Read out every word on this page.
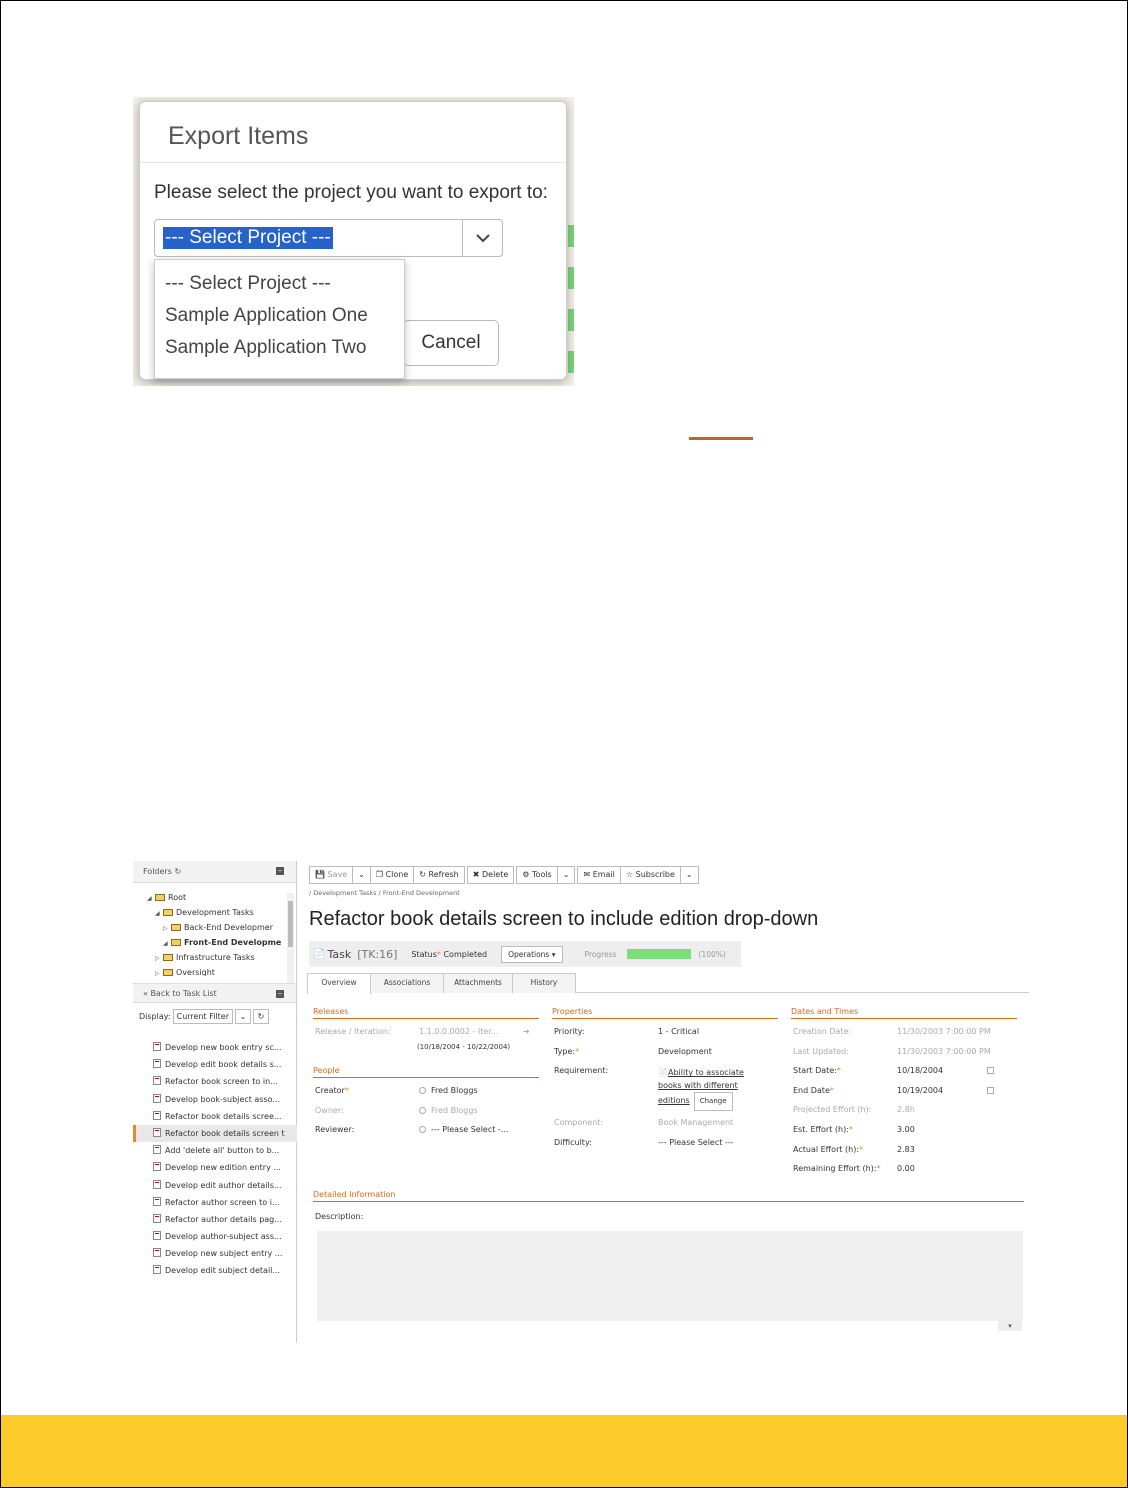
Export Items
Please select the project you want to export to:
--- Select Project ---
--- Select Project ---
Sample Application One
Sample Application Two	Cancel
Folders ↻	–
◢ Root
◢ Development Tasks
▷ Back-End Developmer
◢ Front-End Developme
▷ Infrastructure Tasks
▷ Oversight
« Back to Task List	–
Display: Current Filter	⌄	↻
Develop new book entry sc...
Develop edit book details s...
Refactor book screen to in...
Develop book-subject asso...
Refactor book details scree...
Refactor book details screen t
Add 'delete all' button to b...
Develop new edition entry ...
Develop edit author details...
Refactor author screen to i...
Refactor author details pag...
Develop author-subject ass...
Develop new subject entry ...
Develop edit subject detail...
💾 Save	⌄	❐ Clone	↻ Refresh	✖ Delete	⚙ Tools	⌄	✉ Email	☆ Subscribe	⌄
/ Development Tasks / Front-End Development
Refactor book details screen to include edition drop-down
📄 Task [TK:16] Status *
Completed	Operations ▾	Progress	(100%)
Overview	Associations	Attachments	History
Releases
Release / Iteration:	1.1.0.0.0002 - Iter...	➜
(10/18/2004 - 10/22/2004)
People
Creator*	Fred Bloggs
Owner:	Fred Bloggs
Reviewer:	--- Please Select -...
Properties
Priority:	1 - Critical
Type:*	Development
Requirement:	📄Ability to associate
books with different
editions Change
Component:	Book Management
Difficulty:	--- Please Select ---
Dates and Times
Creation Date:	11/30/2003 7:00:00 PM
Last Updated:	11/30/2003 7:00:00 PM
Start Date:*	10/18/2004
End Date*	10/19/2004
Projected Effort (h):	2.8h
Est. Effort (h):*	3.00
Actual Effort (h):*	2.83
Remaining Effort (h):* 0.00
Detailed Information
Description:
▾
